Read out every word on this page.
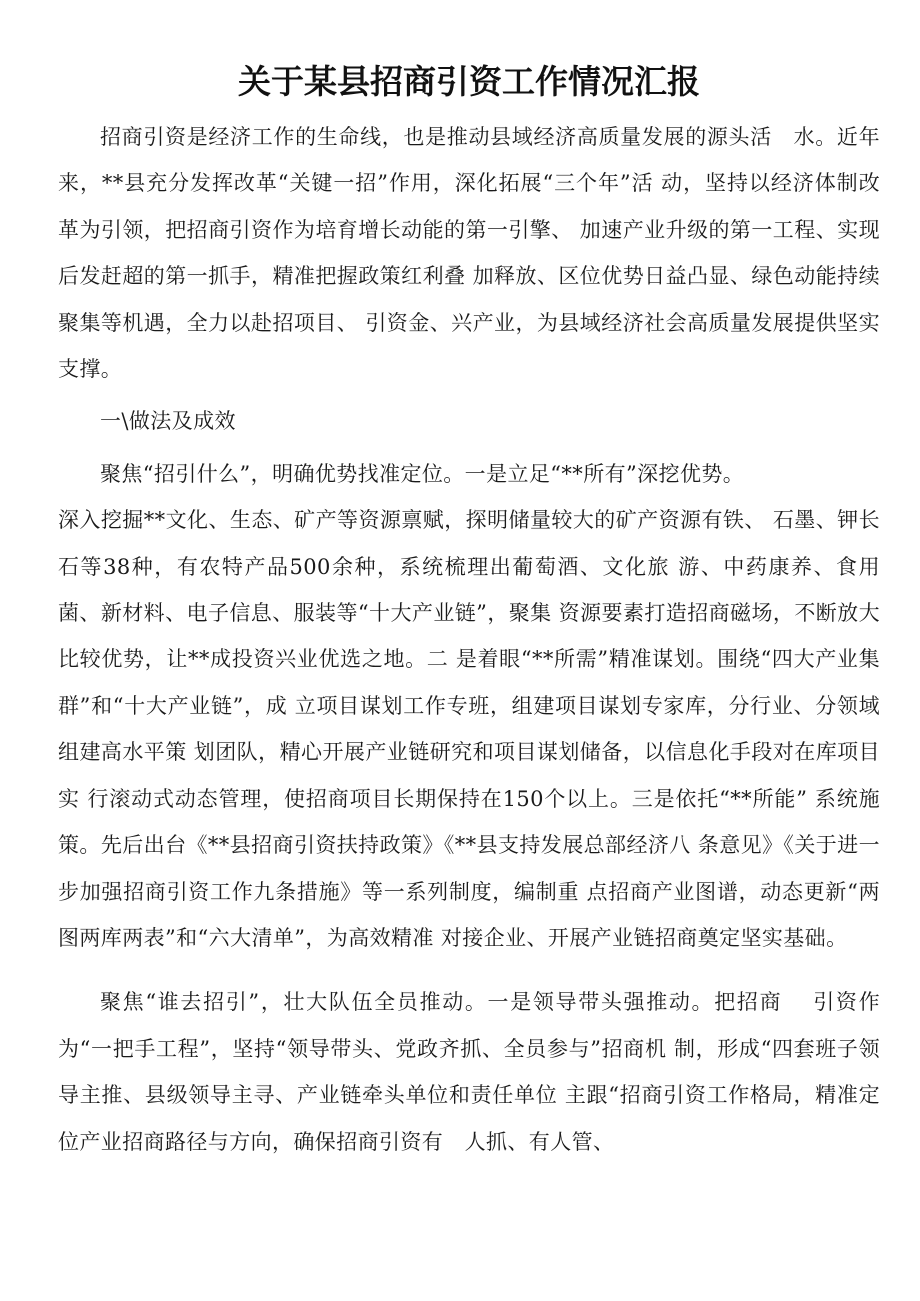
关于某县招商引资工作情况汇报

招商引资是经济工作的生命线，也是推动县域经济高质量发展的源头活　水。近年来，**县充分发挥改革“关键一招”作用，深化拓展“三个年”活 动，坚持以经济体制改革为引领，把招商引资作为培育增长动能的第一引擎、 加速产业升级的第一工程、实现后发赶超的第一抓手，精准把握政策红利叠 加释放、区位优势日益凸显、绿色动能持续聚集等机遇，全力以赴招项目、 引资金、兴产业，为县域经济社会高质量发展提供坚实支撑。

一\做法及成效

聚焦“招引什么”，明确优势找准定位。一是立足“**所有”深挖优势。

深入挖掘**文化、生态、矿产等资源禀赋，探明储量较大的矿产资源有铁、 石墨、钾长石等38种，有农特产品500余种，系统梳理出葡萄酒、文化旅 游、中药康养、食用菌、新材料、电子信息、服装等“十大产业链”，聚集 资源要素打造招商磁场，不断放大比较优势，让**成投资兴业优选之地。二 是着眼“**所需”精准谋划。围绕“四大产业集群”和“十大产业链”，成 立项目谋划工作专班，组建项目谋划专家库，分行业、分领域组建高水平策 划团队，精心开展产业链研究和项目谋划储备，以信息化手段对在库项目实 行滚动式动态管理，使招商项目长期保持在150个以上。三是依托“**所能” 系统施策。先后出台《**县招商引资扶持政策》《**县支持发展总部经济八 条意见》《关于进一步加强招商引资工作九条措施》等一系列制度，编制重 点招商产业图谱，动态更新“两图两库两表”和“六大清单”，为高效精准 对接企业、开展产业链招商奠定坚实基础。

聚焦“谁去招引”，壮大队伍全员推动。一是领导带头强推动。把招商　 引资作为“一把手工程”，坚持“领导带头、党政齐抓、全员参与”招商机 制，形成“四套班子领导主推、县级领导主寻、产业链牵头单位和责任单位 主跟“招商引资工作格局，精准定位产业招商路径与方向，确保招商引资有　人抓、有人管、
